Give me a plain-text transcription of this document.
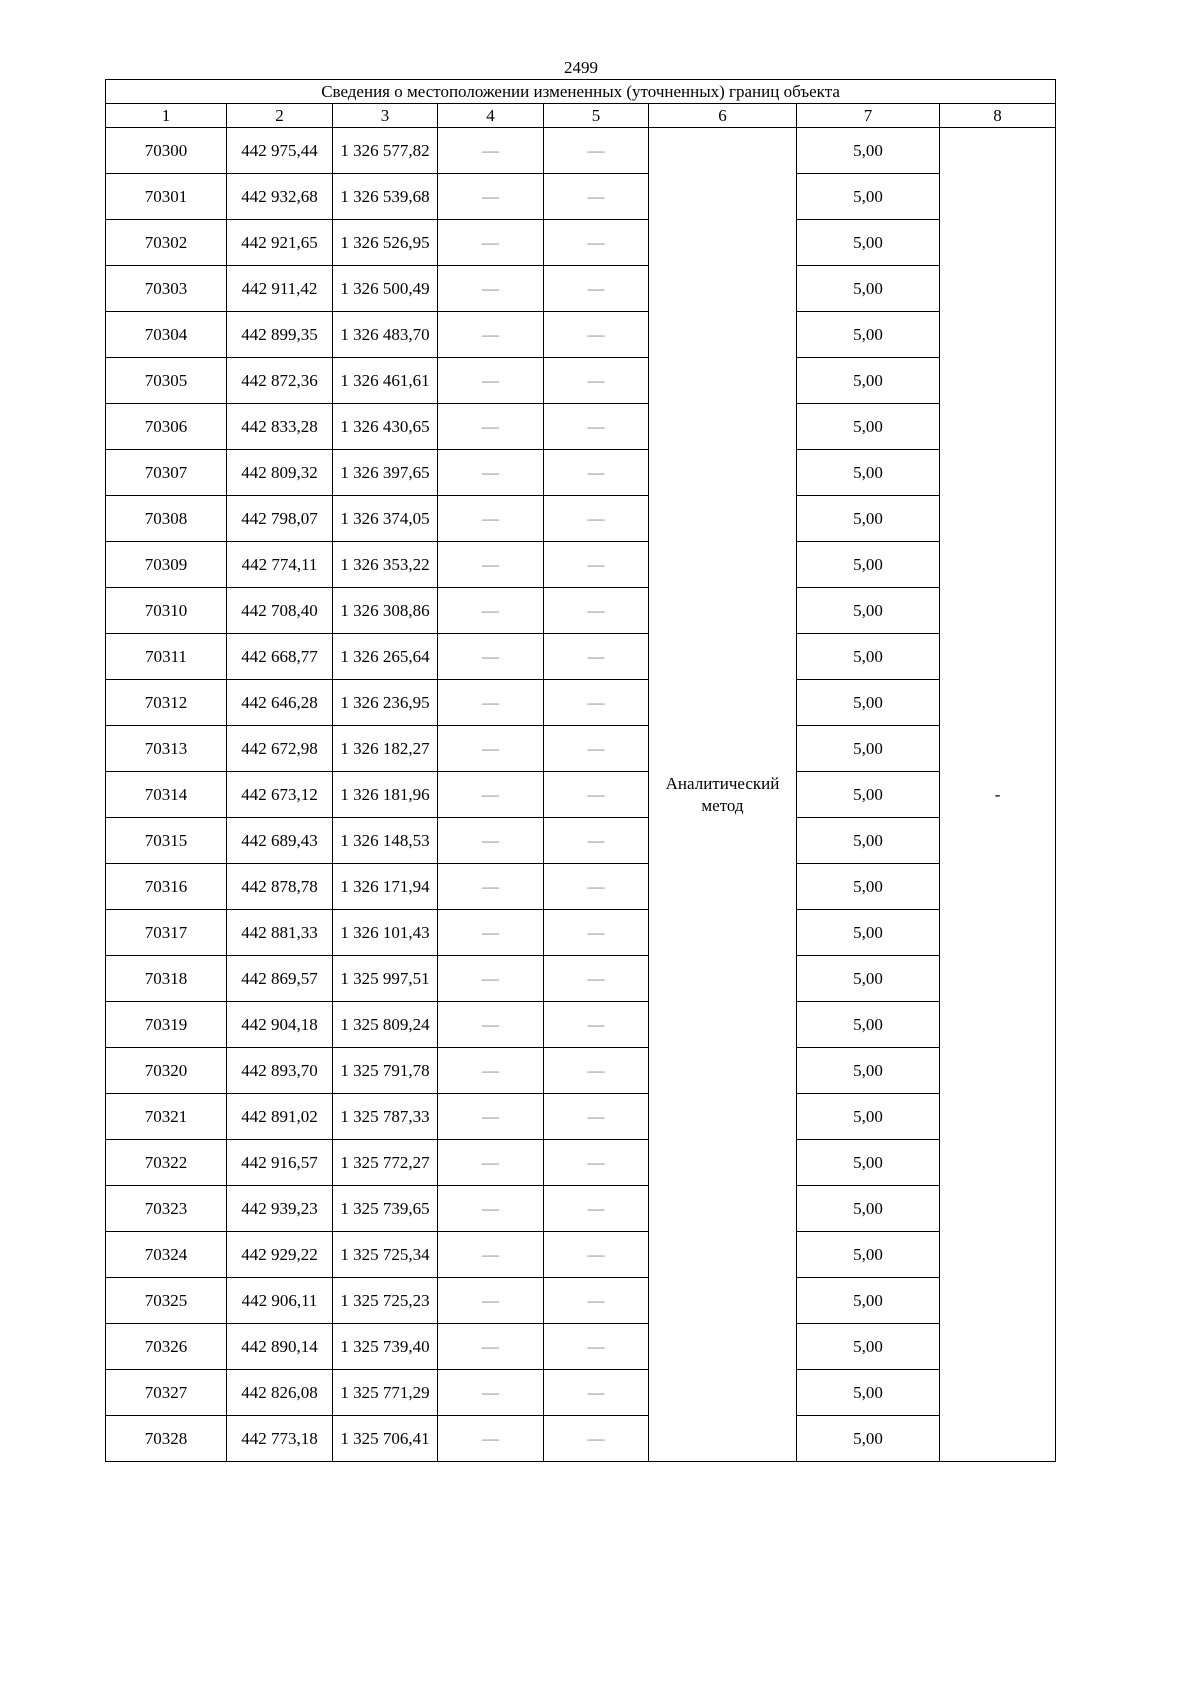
2499
Сведения о местоположении измененных (уточненных) границ объекта							
1	2	3	4	5	6	7	8
70300	442 975,44	1 326 577,82	—	—	Аналитический метод	5,00	-
70301	442 932,68	1 326 539,68	—	—		5,00	
70302	442 921,65	1 326 526,95	—	—		5,00	
70303	442 911,42	1 326 500,49	—	—		5,00	
70304	442 899,35	1 326 483,70	—	—		5,00	
70305	442 872,36	1 326 461,61	—	—		5,00	
70306	442 833,28	1 326 430,65	—	—		5,00	
70307	442 809,32	1 326 397,65	—	—		5,00	
70308	442 798,07	1 326 374,05	—	—		5,00	
70309	442 774,11	1 326 353,22	—	—		5,00	
70310	442 708,40	1 326 308,86	—	—		5,00	
70311	442 668,77	1 326 265,64	—	—		5,00	
70312	442 646,28	1 326 236,95	—	—		5,00	
70313	442 672,98	1 326 182,27	—	—		5,00	
70314	442 673,12	1 326 181,96	—	—		5,00	
70315	442 689,43	1 326 148,53	—	—		5,00	
70316	442 878,78	1 326 171,94	—	—		5,00	
70317	442 881,33	1 326 101,43	—	—		5,00	
70318	442 869,57	1 325 997,51	—	—		5,00	
70319	442 904,18	1 325 809,24	—	—		5,00	
70320	442 893,70	1 325 791,78	—	—		5,00	
70321	442 891,02	1 325 787,33	—	—		5,00	
70322	442 916,57	1 325 772,27	—	—		5,00	
70323	442 939,23	1 325 739,65	—	—		5,00	
70324	442 929,22	1 325 725,34	—	—		5,00	
70325	442 906,11	1 325 725,23	—	—		5,00	
70326	442 890,14	1 325 739,40	—	—		5,00	
70327	442 826,08	1 325 771,29	—	—		5,00	
70328	442 773,18	1 325 706,41	—	—		5,00	
